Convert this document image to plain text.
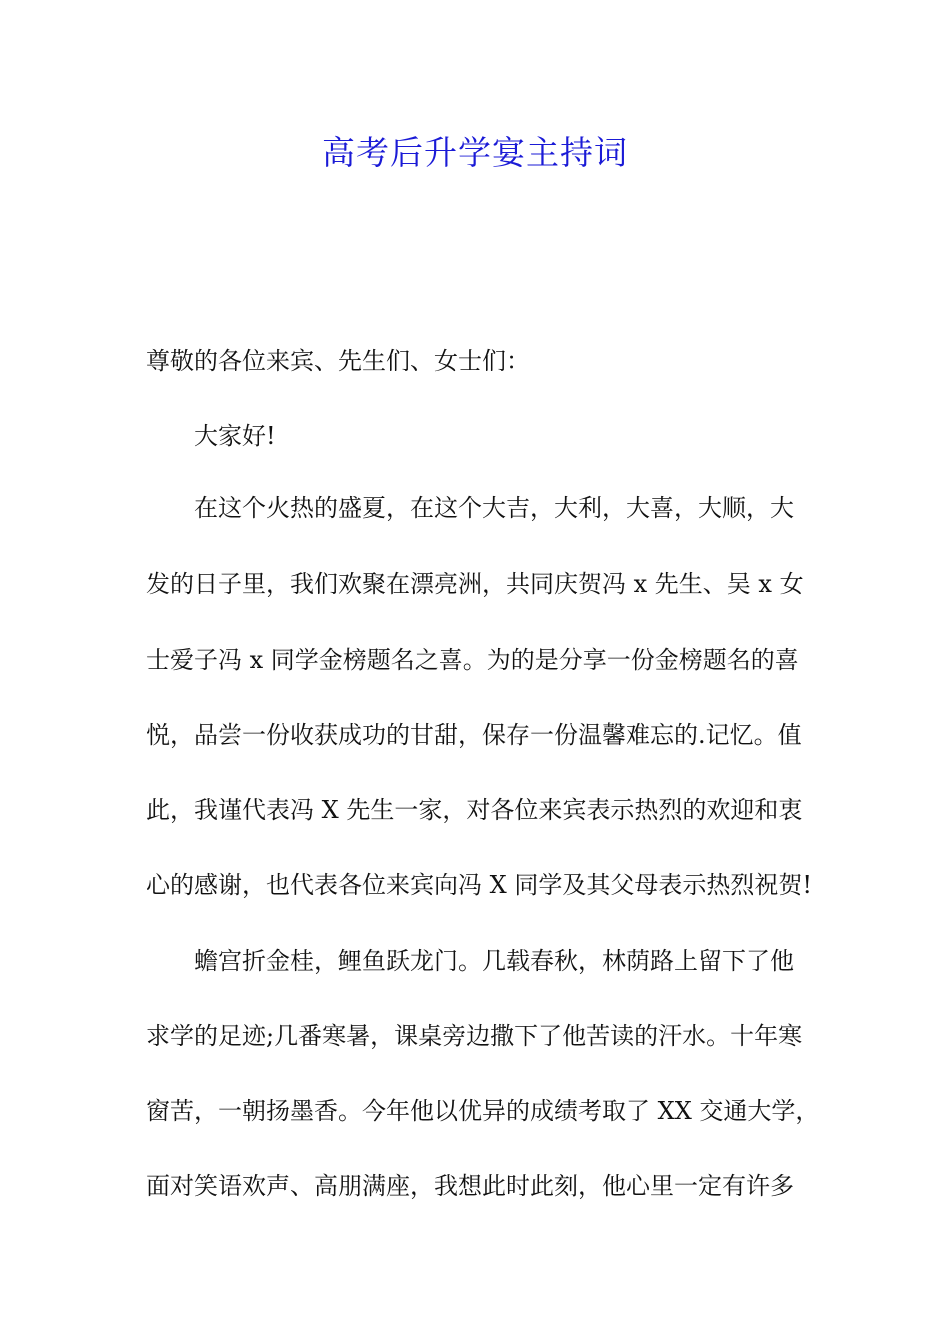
高考后升学宴主持词
尊敬的各位来宾、先生们、女士们：
大家好!
在这个火热的盛夏，在这个大吉，大利，大喜，大顺，大
发的日子里，我们欢聚在漂亮洲，共同庆贺冯 x 先生、吴 x 女
士爱子冯 x 同学金榜题名之喜。为的是分享一份金榜题名的喜
悦，品尝一份收获成功的甘甜，保存一份温馨难忘的.记忆。值
此，我谨代表冯 X 先生一家，对各位来宾表示热烈的欢迎和衷
心的感谢，也代表各位来宾向冯 X 同学及其父母表示热烈祝贺!
蟾宫折金桂，鲤鱼跃龙门。几载春秋，林荫路上留下了他
求学的足迹;几番寒暑，课桌旁边撒下了他苦读的汗水。十年寒
窗苦，一朝扬墨香。今年他以优异的成绩考取了 XX 交通大学，
面对笑语欢声、高朋满座，我想此时此刻，他心里一定有许多
